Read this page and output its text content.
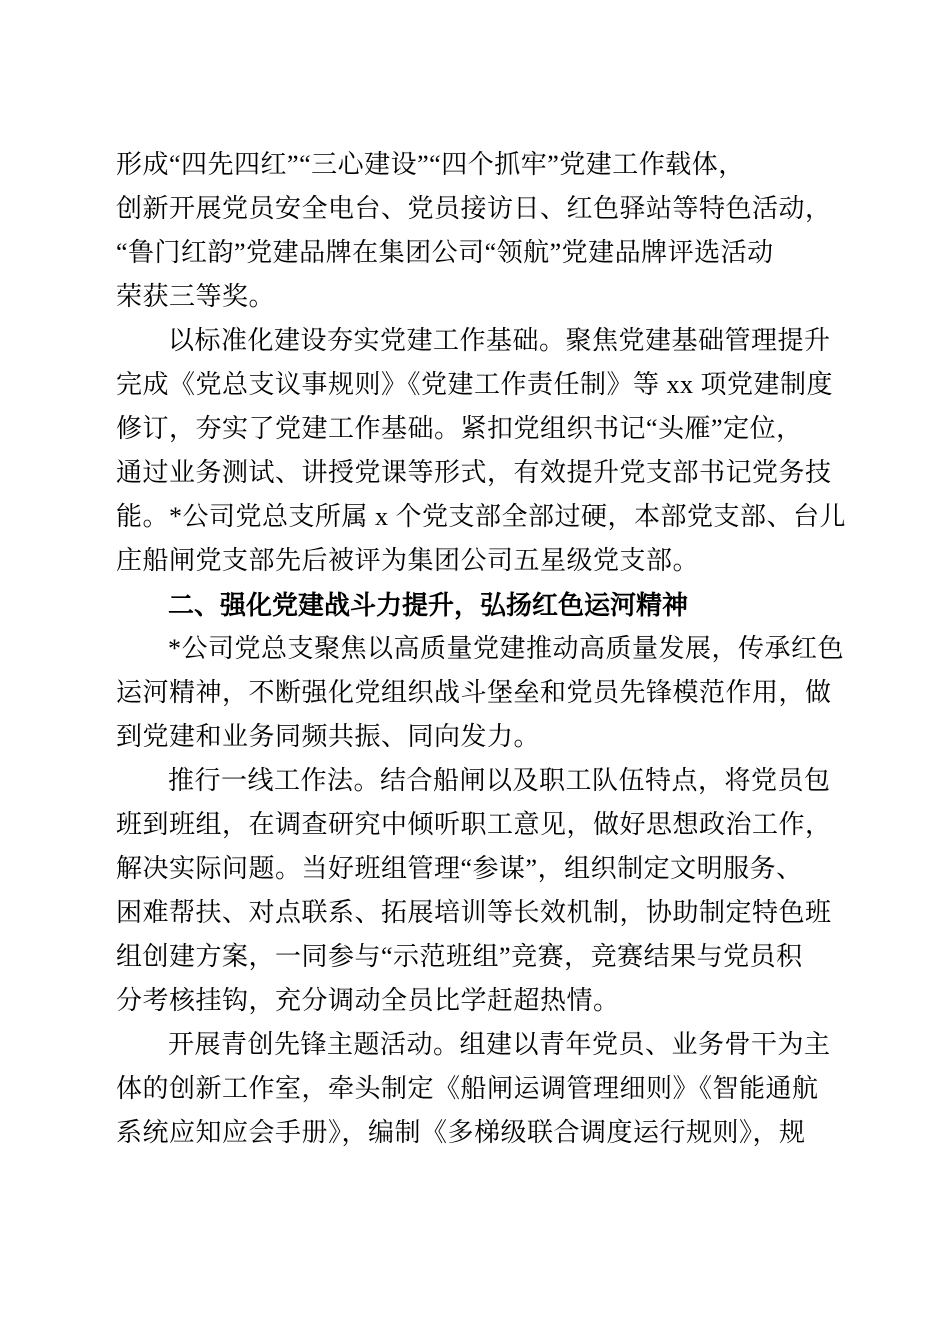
形成“四先四红”“三心建设”“四个抓牢”党建工作载体，
创新开展党员安全电台、党员接访日、红色驿站等特色活动，
“鲁门红韵”党建品牌在集团公司“领航”党建品牌评选活动
荣获三等奖。
以标准化建设夯实党建工作基础。聚焦党建基础管理提升
完成《党总支议事规则》《党建工作责任制》等 xx 项党建制度
修订，夯实了党建工作基础。紧扣党组织书记“头雁”定位，
通过业务测试、讲授党课等形式，有效提升党支部书记党务技
能。*公司党总支所属 x 个党支部全部过硬，本部党支部、台儿
庄船闸党支部先后被评为集团公司五星级党支部。
二、强化党建战斗力提升，弘扬红色运河精神
*公司党总支聚焦以高质量党建推动高质量发展，传承红色
运河精神，不断强化党组织战斗堡垒和党员先锋模范作用，做
到党建和业务同频共振、同向发力。
推行一线工作法。结合船闸以及职工队伍特点，将党员包
班到班组，在调查研究中倾听职工意见，做好思想政治工作，
解决实际问题。当好班组管理“参谋”，组织制定文明服务、
困难帮扶、对点联系、拓展培训等长效机制，协助制定特色班
组创建方案，一同参与“示范班组”竞赛，竞赛结果与党员积
分考核挂钩，充分调动全员比学赶超热情。
开展青创先锋主题活动。组建以青年党员、业务骨干为主
体的创新工作室，牵头制定《船闸运调管理细则》《智能通航
系统应知应会手册》，编制《多梯级联合调度运行规则》，规
